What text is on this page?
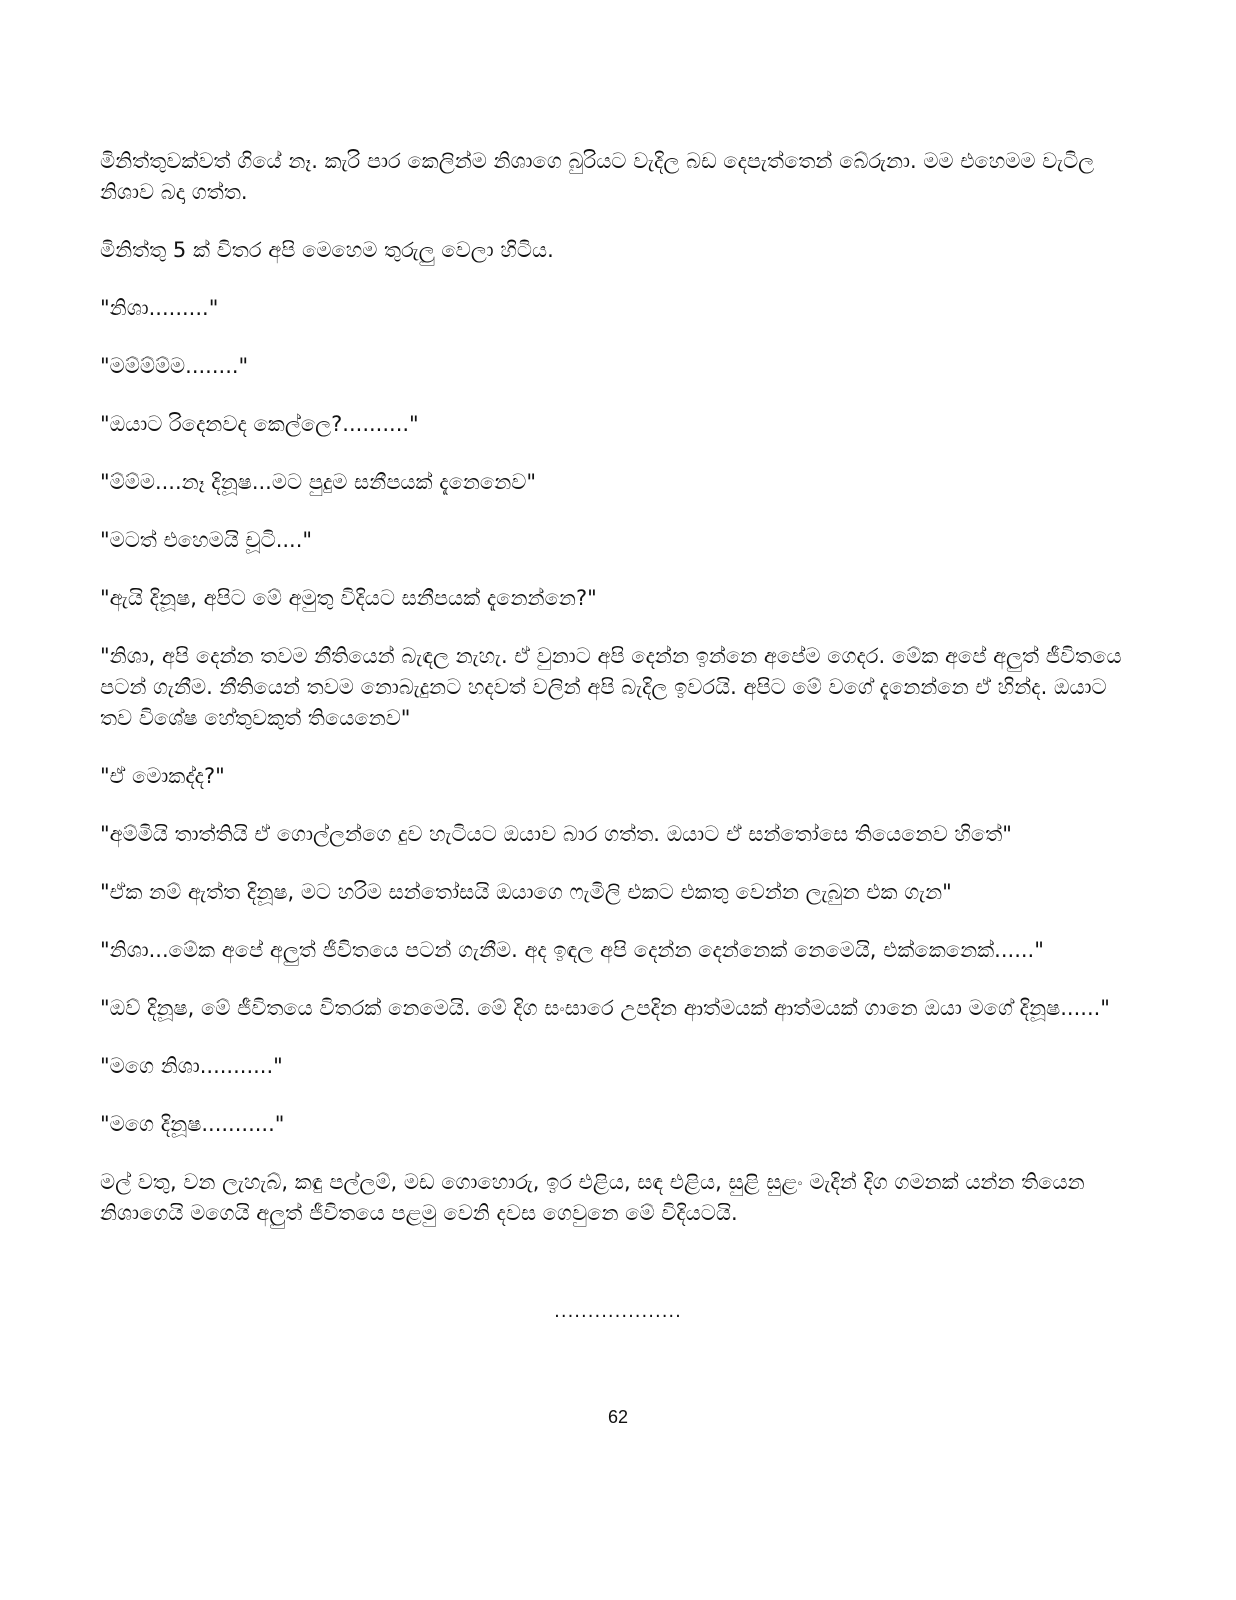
මිනිත්තුවක්වත් ගියේ නෑ. කැරි පාර කෙලින්ම නිශාගෙ බුරියට වැදිල බඩ දෙපැත්තෙන් බේරුනා. මම එහෙමම වැටිල නිශාව බදා ගත්ත.

මිනිත්තු 5 ක් විතර අපි මෙහෙම තුරුලු වෙලා හිටිය.

"නිශා........."

"මම්ම්ම්ම........"

"ඔයාට රිදෙනවද කෙල්ලෙ?.........."

"ම්ම්ම....නෑ දිනූෂ...මට පුදුම සනීපයක් දැනෙනෙව"

"මටත් එහෙමයි චූටි...."

"ඇයි දිනූෂ, අපිට මේ අමුතු විදියට සනීපයක් දැනෙන්නෙ?"

"නිශා, අපි දෙන්න තවම නීතියෙන් බැඳල නැහැ. ඒ වුනාට අපි දෙන්න ඉන්නෙ අපේම ගෙදර. මේක අපේ අලුත් ජීවිතයෙ පටන් ගැනීම. නීතියෙන් තවම නොබැදුනට හදවත් වලින් අපි බැදිල ඉවරයි. අපිට මේ වගේ දැනෙන්නෙ ඒ හින්ද. ඔයාට තව විශේෂ හේතුවකුත් තියෙනෙව"

"ඒ මොකද්ද?"

"අම්මියි තාත්තියි ඒ ගොල්ලන්ගෙ දුව හැටියට ඔයාව බාර ගත්ත. ඔයාට ඒ සන්තෝසෙ තියෙනෙව හිතේ"

"ඒක නම් ඇත්ත දිනූෂ, මට හරිම සන්තෝසයි ඔයාගෙ ෆැමිලි එකට එකතු වෙන්න ලැබුන එක ගැන"

"නිශා...මේක අපේ අලුත් ජීවිතයෙ පටන් ගැනීම. අද ඉඳල අපි දෙන්න දෙන්නෙක් නෙමෙයි, එක්කෙනෙක්......"

"ඔව් දිනූෂ, මේ ජීවිතයෙ විතරක් නෙමෙයි. මේ දිග සංසාරෙ උපදින ආත්මයක් ආත්මයක් ගානෙ ඔයා මගේ දිනූෂ......"

"මගෙ නිශා..........."

"මගෙ දිනූෂ..........."

මල් වතු, වන ලැහැබ්, කඳු පල්ලම්, මඩ ගොහොරු, ඉර එළිය, සඳ එළිය, සුළි සුළං මැදින් දිග ගමනක් යන්න තියෙන නිශාගෙයි මගෙයි අලුත් ජීවිතයෙ පළමු වෙනි දවස ගෙවුනෙ මේ විදියටයි.

...................
62
